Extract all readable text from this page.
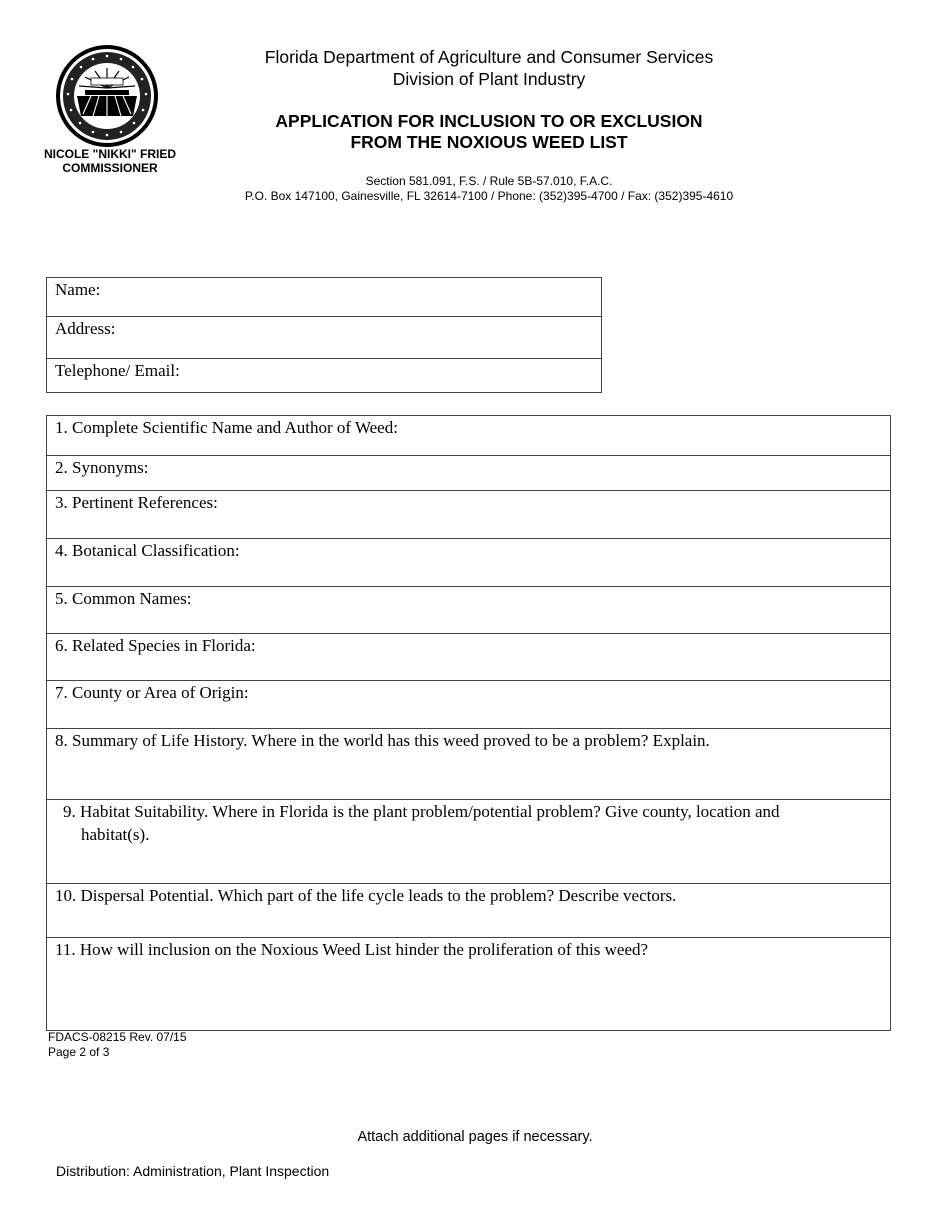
NICOLE "NIKKI" FRIED
COMMISSIONER
Florida Department of Agriculture and Consumer Services
Division of Plant Industry
APPLICATION FOR INCLUSION TO OR EXCLUSION
FROM THE NOXIOUS WEED LIST
Section 581.091, F.S. / Rule 5B-57.010, F.A.C.
P.O. Box 147100, Gainesville, FL 32614-7100 / Phone: (352)395-4700 / Fax: (352)395-4610
Name:
Address:
Telephone/ Email:
1. Complete Scientific Name and Author of Weed:
2. Synonyms:
3. Pertinent References:
4. Botanical Classification:
5. Common Names:
6. Related Species in Florida:
7. County or Area of Origin:
8. Summary of Life History. Where in the world has this weed proved to be a problem? Explain.
9. Habitat Suitability. Where in Florida is the plant problem/potential problem? Give county, location and habitat(s).
10. Dispersal Potential. Which part of the life cycle leads to the problem? Describe vectors.
11. How will inclusion on the Noxious Weed List hinder the proliferation of this weed?
FDACS-08215 Rev. 07/15
Page 2 of 3
Attach additional pages if necessary.
Distribution: Administration, Plant Inspection
